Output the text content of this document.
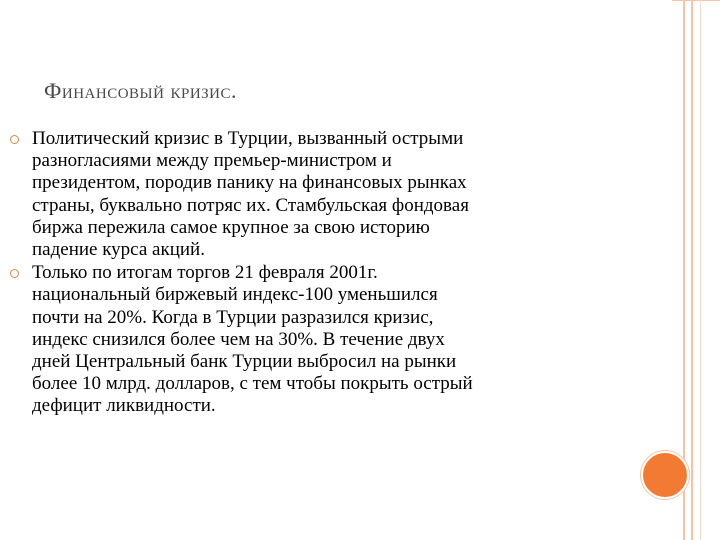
Финансовый кризис.
Политический кризис в Турции, вызванный острыми разногласиями между премьер-министром и президентом, породив панику на финансовых рынках страны, буквально потряс их. Стамбульская фондовая биржа пережила самое крупное за свою историю падение курса акций.
Только по итогам торгов 21 февраля 2001г. национальный биржевый индекс-100 уменьшился почти на 20%. Когда в Турции разразился кризис, индекс снизился более чем на 30%. В течение двух дней Центральный банк Турции выбросил на рынки более 10 млрд. долларов, с тем чтобы покрыть острый дефицит ликвидности.
